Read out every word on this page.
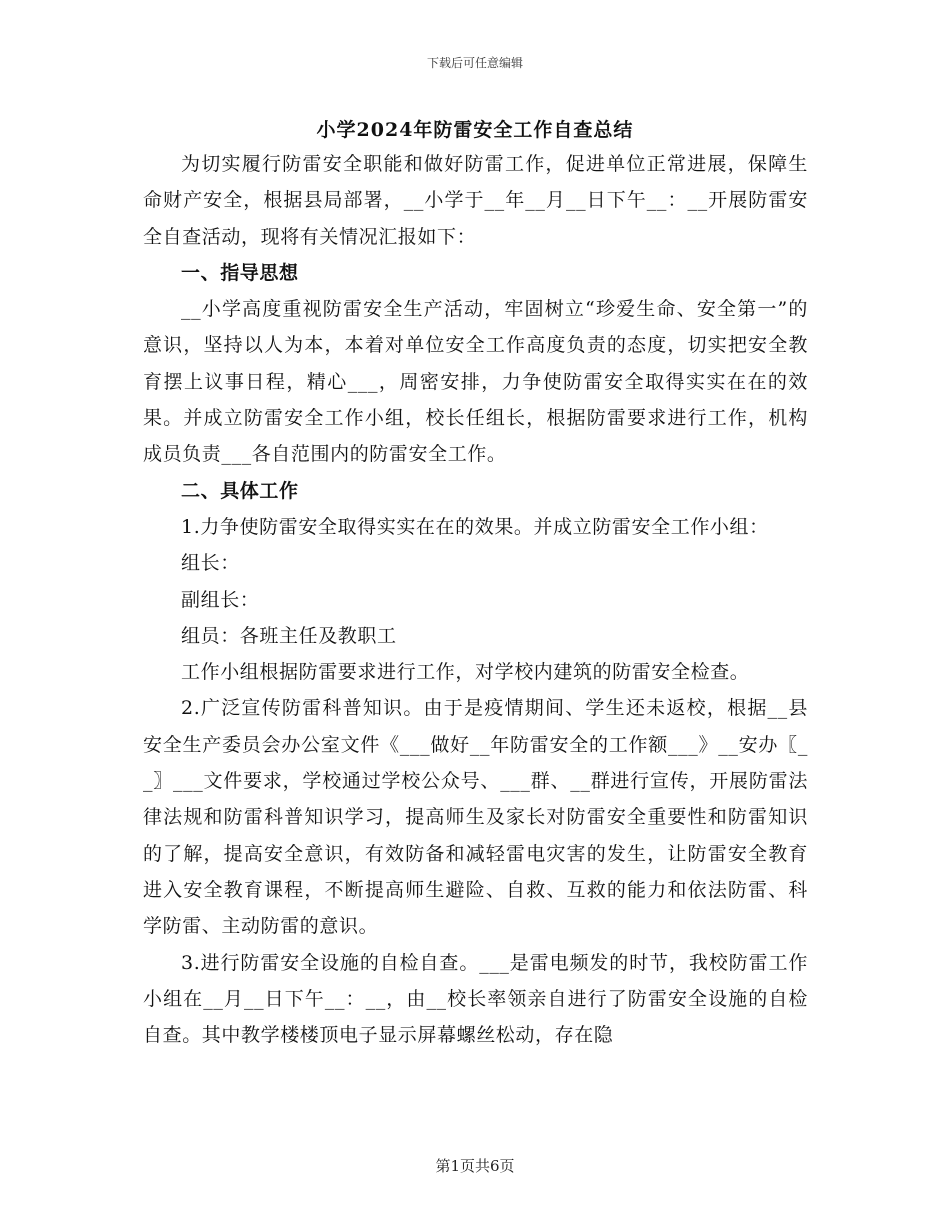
下载后可任意编辑
小学2024年防雷安全工作自查总结

为切实履行防雷安全职能和做好防雷工作，促进单位正常进展，保障生命财产安全，根据县局部署，__小学于__年__月__日下午__：__开展防雷安全自查活动，现将有关情况汇报如下：

一、指导思想

__小学高度重视防雷安全生产活动，牢固树立“珍爱生命、安全第一”的意识，坚持以人为本，本着对单位安全工作高度负责的态度，切实把安全教育摆上议事日程，精心___，周密安排，力争使防雷安全取得实实在在的效果。并成立防雷安全工作小组，校长任组长，根据防雷要求进行工作，机构成员负责___各自范围内的防雷安全工作。

二、具体工作

1.力争使防雷安全取得实实在在的效果。并成立防雷安全工作小组：

组长：

副组长：

组员：各班主任及教职工

工作小组根据防雷要求进行工作，对学校内建筑的防雷安全检查。

2.广泛宣传防雷科普知识。由于是疫情期间、学生还未返校，根据__县安全生产委员会办公室文件《___做好__年防雷安全的工作额___》__安办〖__〗___文件要求，学校通过学校公众号、___群、__群进行宣传，开展防雷法律法规和防雷科普知识学习，提高师生及家长对防雷安全重要性和防雷知识的了解，提高安全意识，有效防备和减轻雷电灾害的发生，让防雷安全教育进入安全教育课程，不断提高师生避险、自救、互救的能力和依法防雷、科学防雷、主动防雷的意识。

3.进行防雷安全设施的自检自查。___是雷电频发的时节，我校防雷工作小组在__月__日下午__：__，由__校长率领亲自进行了防雷安全设施的自检自查。其中教学楼楼顶电子显示屏幕螺丝松动，存在隐

第1页共6页
